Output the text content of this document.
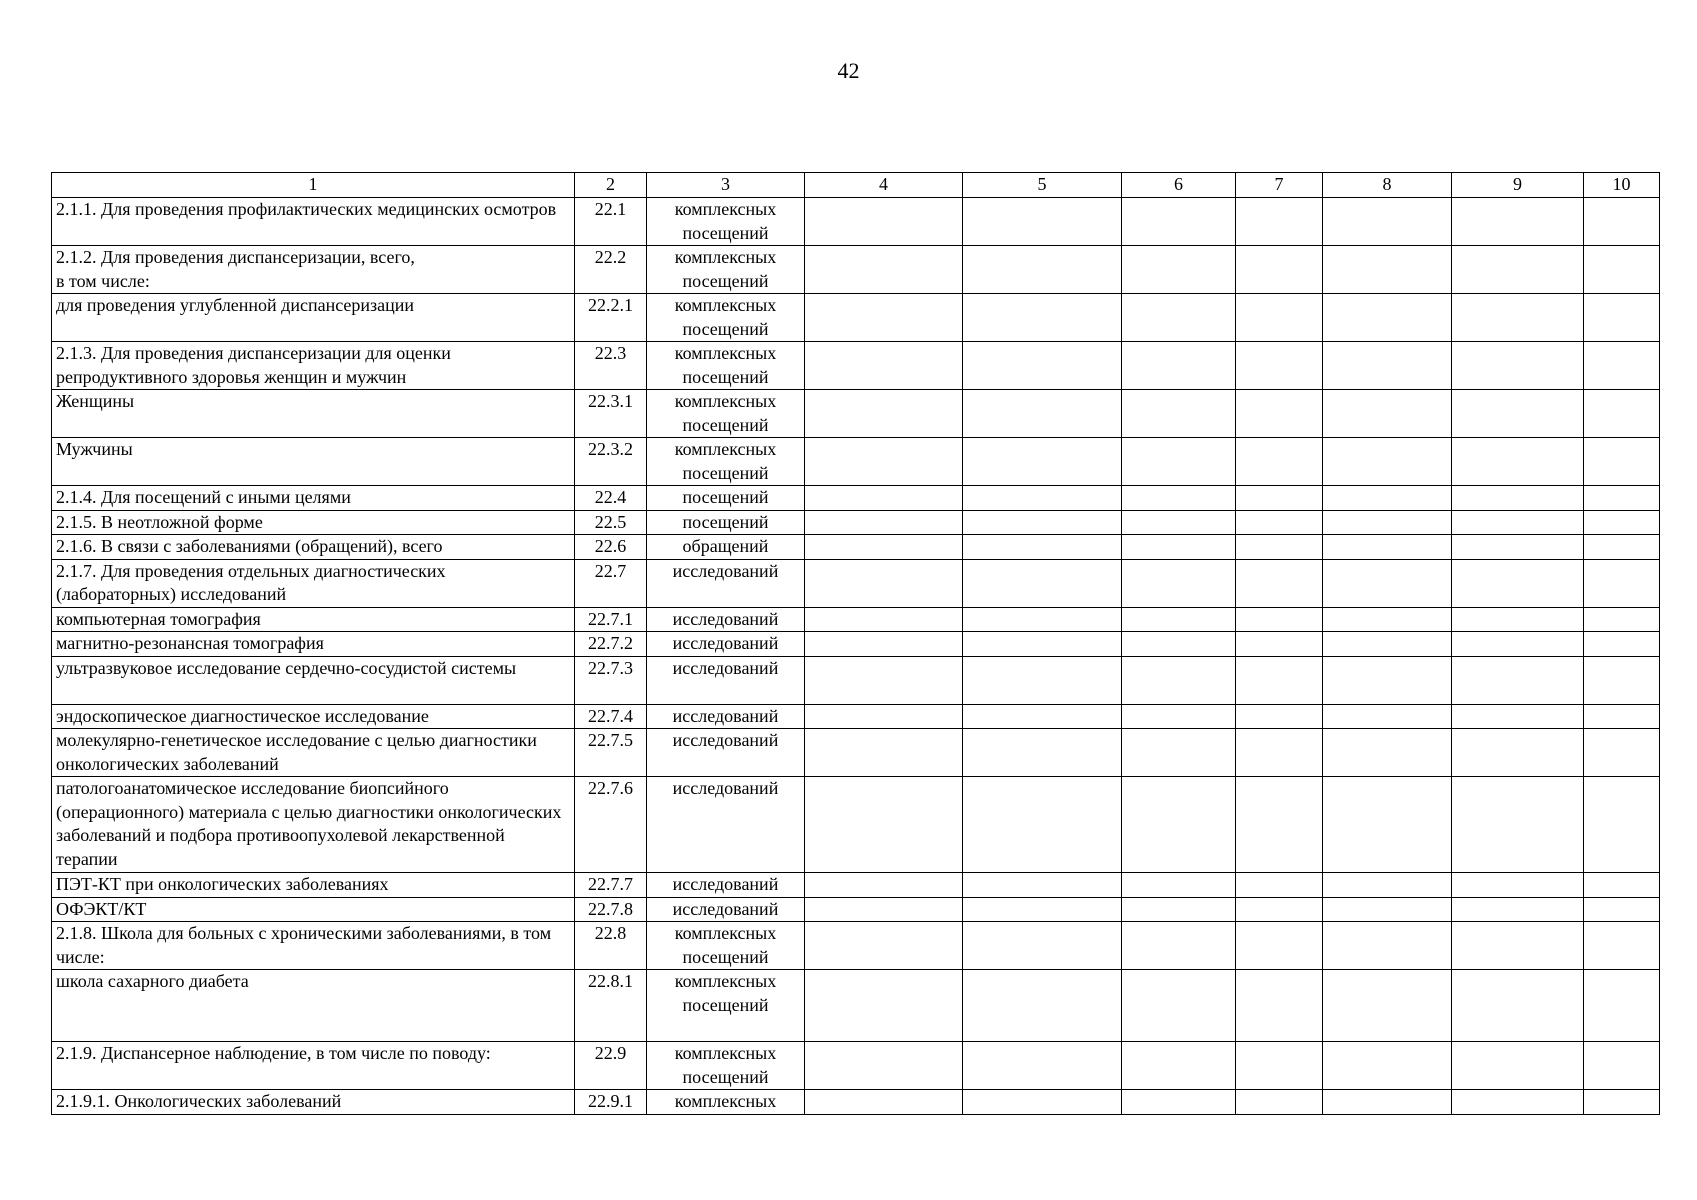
42
1	2	3	4	5	6	7	8	9	10
2.1.1. Для проведения профилактических медицинских осмотров	22.1	комплексных посещений							
2.1.2. Для проведения диспансеризации, всего,
в том числе:	22.2	комплексных посещений							
для проведения углубленной диспансеризации	22.2.1	комплексных посещений							
2.1.3. Для проведения диспансеризации для оценки репродуктивного здоровья женщин и мужчин	22.3	комплексных посещений							
Женщины	22.3.1	комплексных посещений							
Мужчины	22.3.2	комплексных посещений							
2.1.4. Для посещений с иными целями	22.4	посещений							
2.1.5. В неотложной форме	22.5	посещений							
2.1.6. В связи с заболеваниями (обращений), всего	22.6	обращений							
2.1.7. Для проведения отдельных диагностических (лабораторных) исследований	22.7	исследований							
компьютерная томография	22.7.1	исследований							
магнитно-резонансная томография	22.7.2	исследований							
ультразвуковое исследование сердечно-сосудистой системы	22.7.3	исследований							
эндоскопическое диагностическое исследование	22.7.4	исследований							
молекулярно-генетическое исследование с целью диагностики онкологических заболеваний	22.7.5	исследований							
патологоанатомическое исследование биопсийного (операционного) материала с целью диагностики онкологических заболеваний и подбора противоопухолевой лекарственной терапии	22.7.6	исследований							
ПЭТ-КТ при онкологических заболеваниях	22.7.7	исследований							
ОФЭКТ/КТ	22.7.8	исследований							
2.1.8. Школа для больных с хроническими заболеваниями, в том числе:	22.8	комплексных посещений							
школа сахарного диабета	22.8.1	комплексных посещений							
2.1.9. Диспансерное наблюдение, в том числе по поводу:	22.9	комплексных посещений							
2.1.9.1. Онкологических заболеваний	22.9.1	комплексных							
